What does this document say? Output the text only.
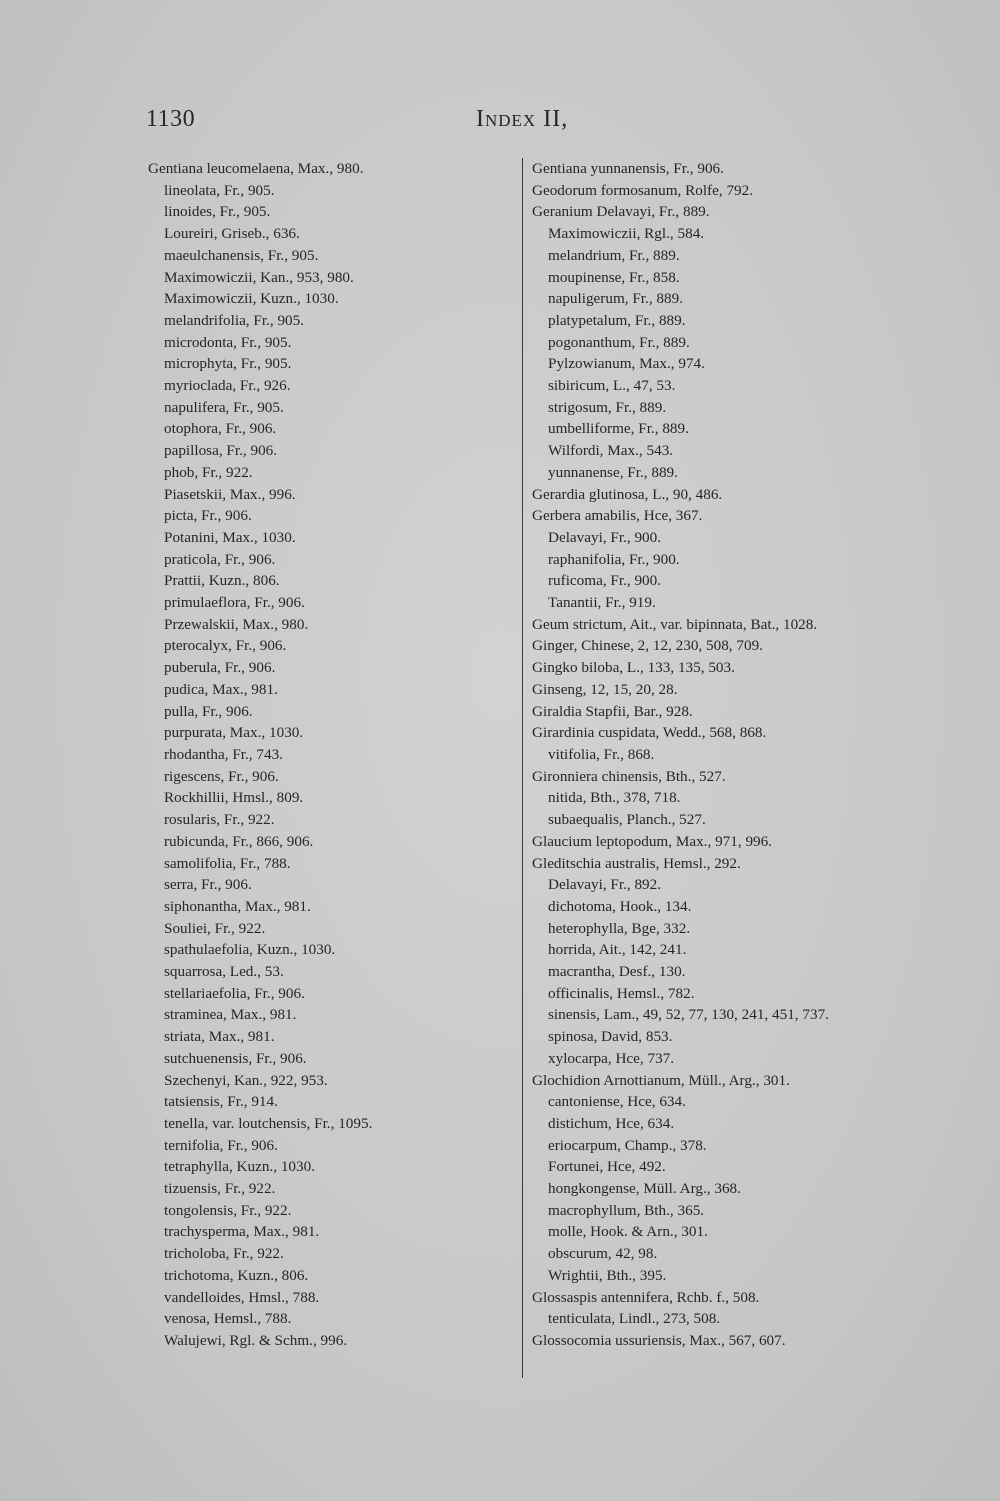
1130	Index II,
Gentiana leucomelaena, Max., 980.
lineolata, Fr., 905.
linoides, Fr., 905.
Loureiri, Griseb., 636.
maeulchanensis, Fr., 905.
Maximowiczii, Kan., 953, 980.
Maximowiczii, Kuzn., 1030.
melandrifolia, Fr., 905.
microdonta, Fr., 905.
microphyta, Fr., 905.
myrioclada, Fr., 926.
napulifera, Fr., 905.
otophora, Fr., 906.
papillosa, Fr., 906.
phob, Fr., 922.
Piasetskii, Max., 996.
picta, Fr., 906.
Potanini, Max., 1030.
praticola, Fr., 906.
Prattii, Kuzn., 806.
primulaeflora, Fr., 906.
Przewalskii, Max., 980.
pterocalyx, Fr., 906.
puberula, Fr., 906.
pudica, Max., 981.
pulla, Fr., 906.
purpurata, Max., 1030.
rhodantha, Fr., 743.
rigescens, Fr., 906.
Rockhillii, Hmsl., 809.
rosularis, Fr., 922.
rubicunda, Fr., 866, 906.
samolifolia, Fr., 788.
serra, Fr., 906.
siphonantha, Max., 981.
Souliei, Fr., 922.
spathulaefolia, Kuzn., 1030.
squarrosa, Led., 53.
stellariaefolia, Fr., 906.
straminea, Max., 981.
striata, Max., 981.
sutchuenensis, Fr., 906.
Szechenyi, Kan., 922, 953.
tatsiensis, Fr., 914.
tenella, var. loutchensis, Fr., 1095.
ternifolia, Fr., 906.
tetraphylla, Kuzn., 1030.
tizuensis, Fr., 922.
tongolensis, Fr., 922.
trachysperma, Max., 981.
tricholoba, Fr., 922.
trichotoma, Kuzn., 806.
vandelloides, Hmsl., 788.
venosa, Hemsl., 788.
Walujewi, Rgl. & Schm., 996.
Gentiana yunnanensis, Fr., 906.
Geodorum formosanum, Rolfe, 792.
Geranium Delavayi, Fr., 889.
Maximowiczii, Rgl., 584.
melandrium, Fr., 889.
moupinense, Fr., 858.
napuligerum, Fr., 889.
platypetalum, Fr., 889.
pogonanthum, Fr., 889.
Pylzowianum, Max., 974.
sibiricum, L., 47, 53.
strigosum, Fr., 889.
umbelliforme, Fr., 889.
Wilfordi, Max., 543.
yunnanense, Fr., 889.
Gerardia glutinosa, L., 90, 486.
Gerbera amabilis, Hce, 367.
Delavayi, Fr., 900.
raphanifolia, Fr., 900.
ruficoma, Fr., 900.
Tanantii, Fr., 919.
Geum strictum, Ait., var. bipinnata, Bat., 1028.
Ginger, Chinese, 2, 12, 230, 508, 709.
Gingko biloba, L., 133, 135, 503.
Ginseng, 12, 15, 20, 28.
Giraldia Stapfii, Bar., 928.
Girardinia cuspidata, Wedd., 568, 868.
vitifolia, Fr., 868.
Gironniera chinensis, Bth., 527.
nitida, Bth., 378, 718.
subaequalis, Planch., 527.
Glaucium leptopodum, Max., 971, 996.
Gleditschia australis, Hemsl., 292.
Delavayi, Fr., 892.
dichotoma, Hook., 134.
heterophylla, Bge, 332.
horrida, Ait., 142, 241.
macrantha, Desf., 130.
officinalis, Hemsl., 782.
sinensis, Lam., 49, 52, 77, 130, 241, 451, 737.
spinosa, David, 853.
xylocarpa, Hce, 737.
Glochidion Arnottianum, Müll., Arg., 301.
cantoniense, Hce, 634.
distichum, Hce, 634.
eriocarpum, Champ., 378.
Fortunei, Hce, 492.
hongkongense, Müll. Arg., 368.
macrophyllum, Bth., 365.
molle, Hook. & Arn., 301.
obscurum, 42, 98.
Wrightii, Bth., 395.
Glossaspis antennifera, Rchb. f., 508.
tenticulata, Lindl., 273, 508.
Glossocomia ussuriensis, Max., 567, 607.
